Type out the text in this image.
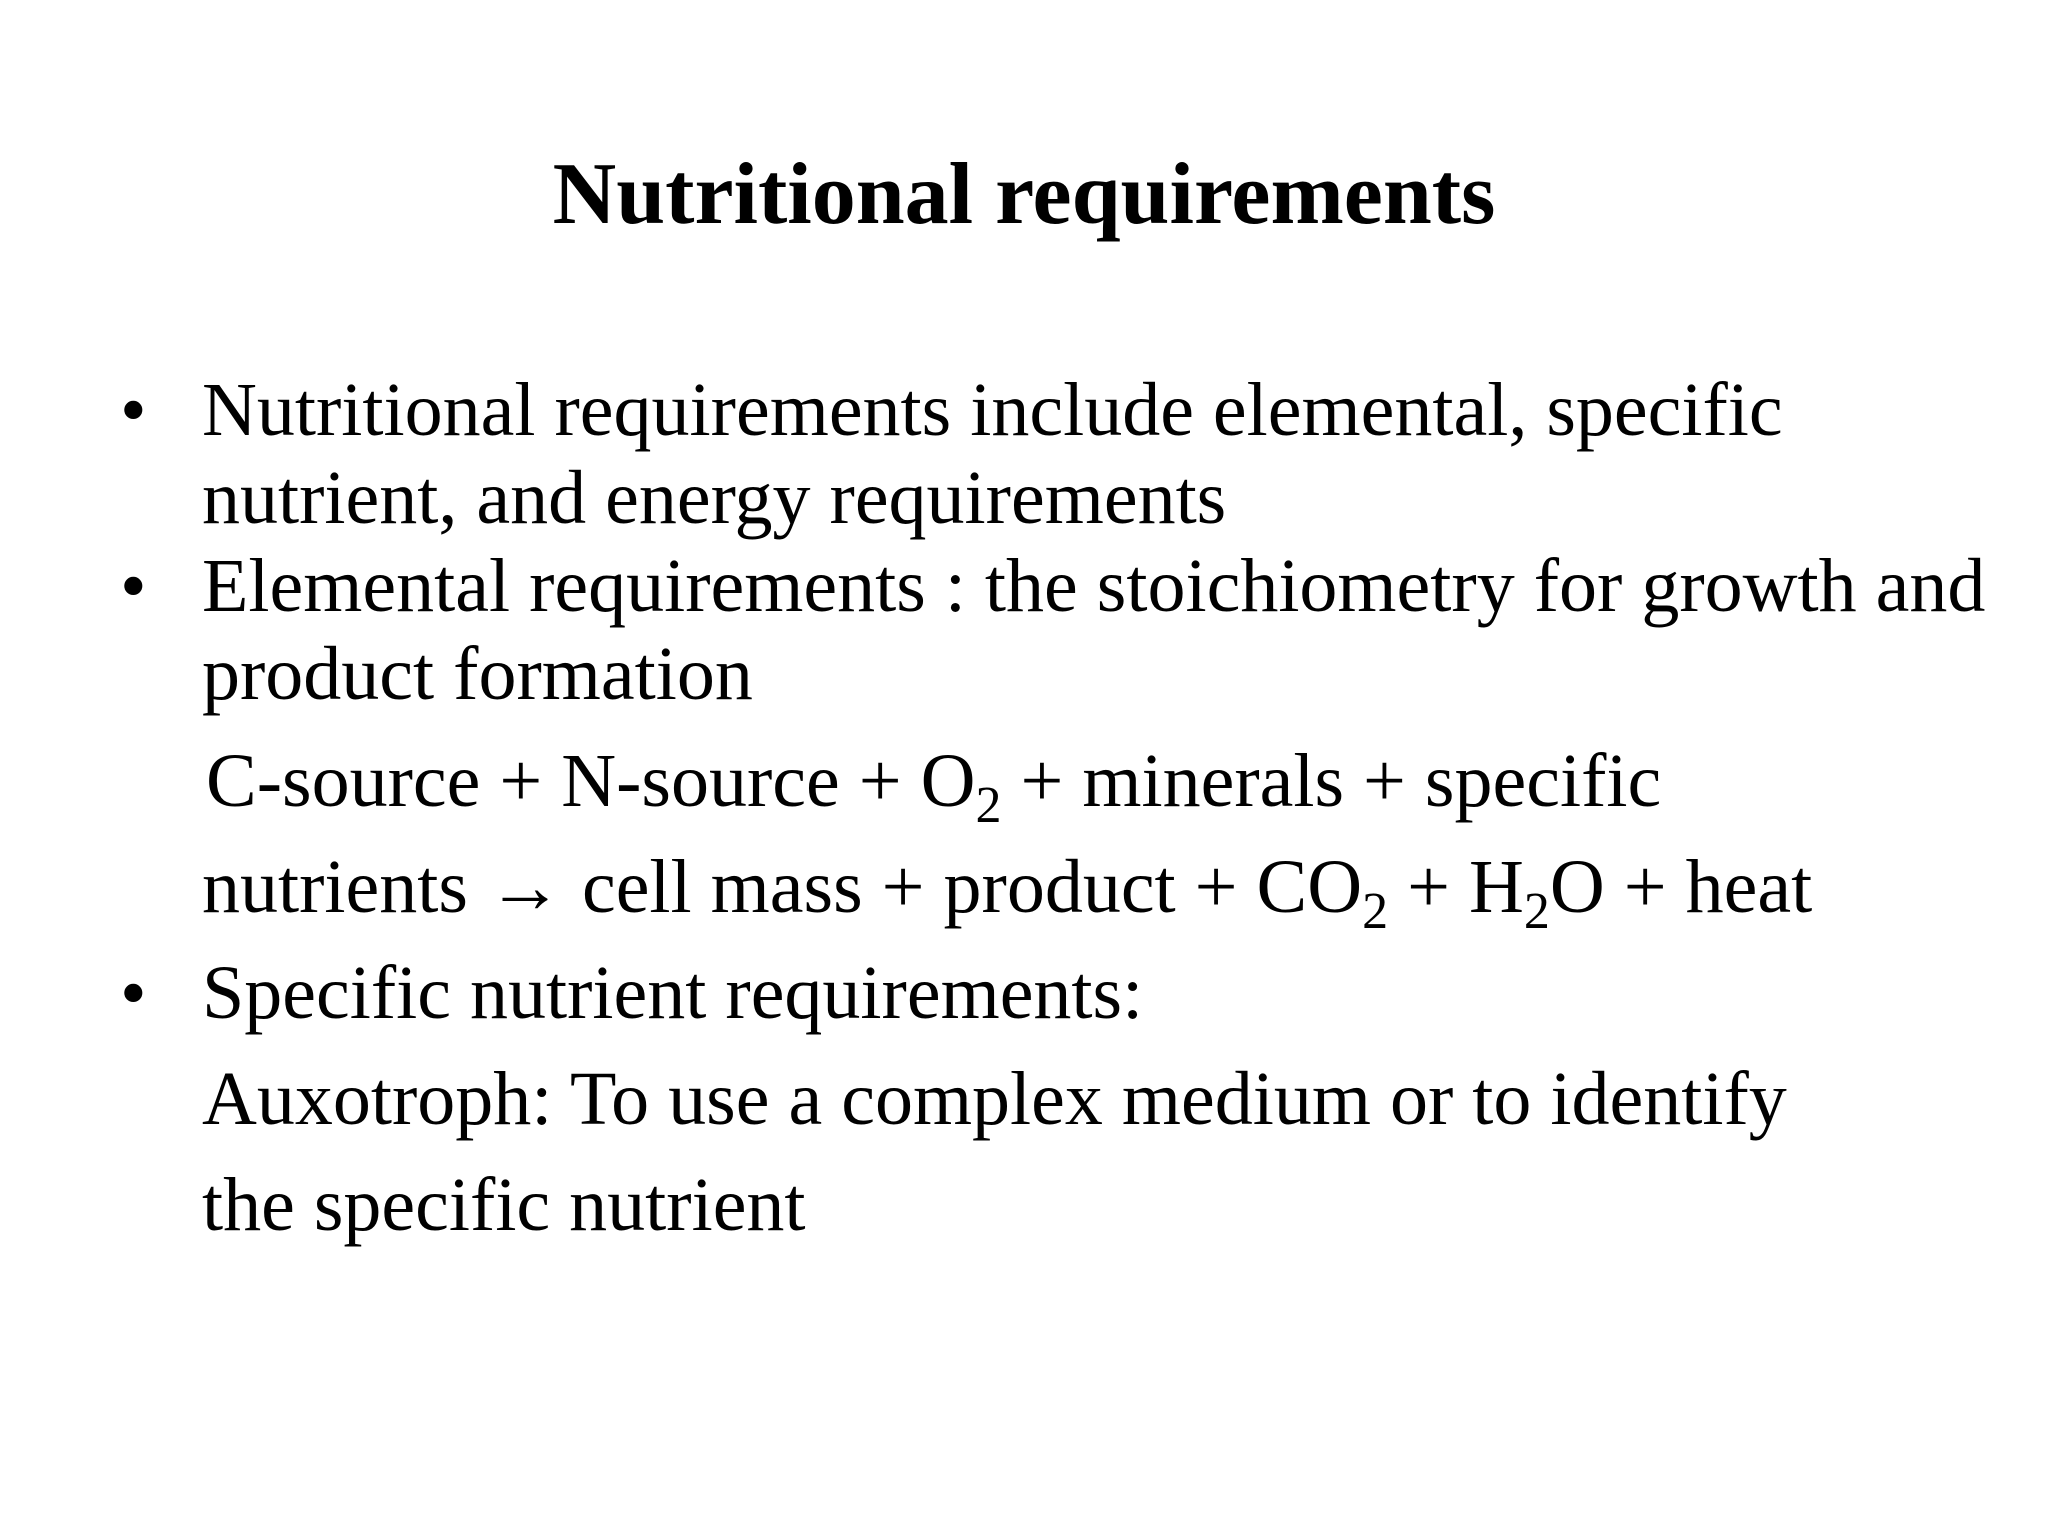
Nutritional requirements
• Nutritional requirements include elemental, specific nutrient, and energy requirements
• Elemental requirements : the stoichiometry for growth and product formation
C-source + N-source + $O_2$ + minerals + specific
nutrients → cell mass + product + $CO_2 + H_2O$ + heat
• Specific nutrient requirements:
Auxotroph: To use a complex medium or to identify
the specific nutrient
